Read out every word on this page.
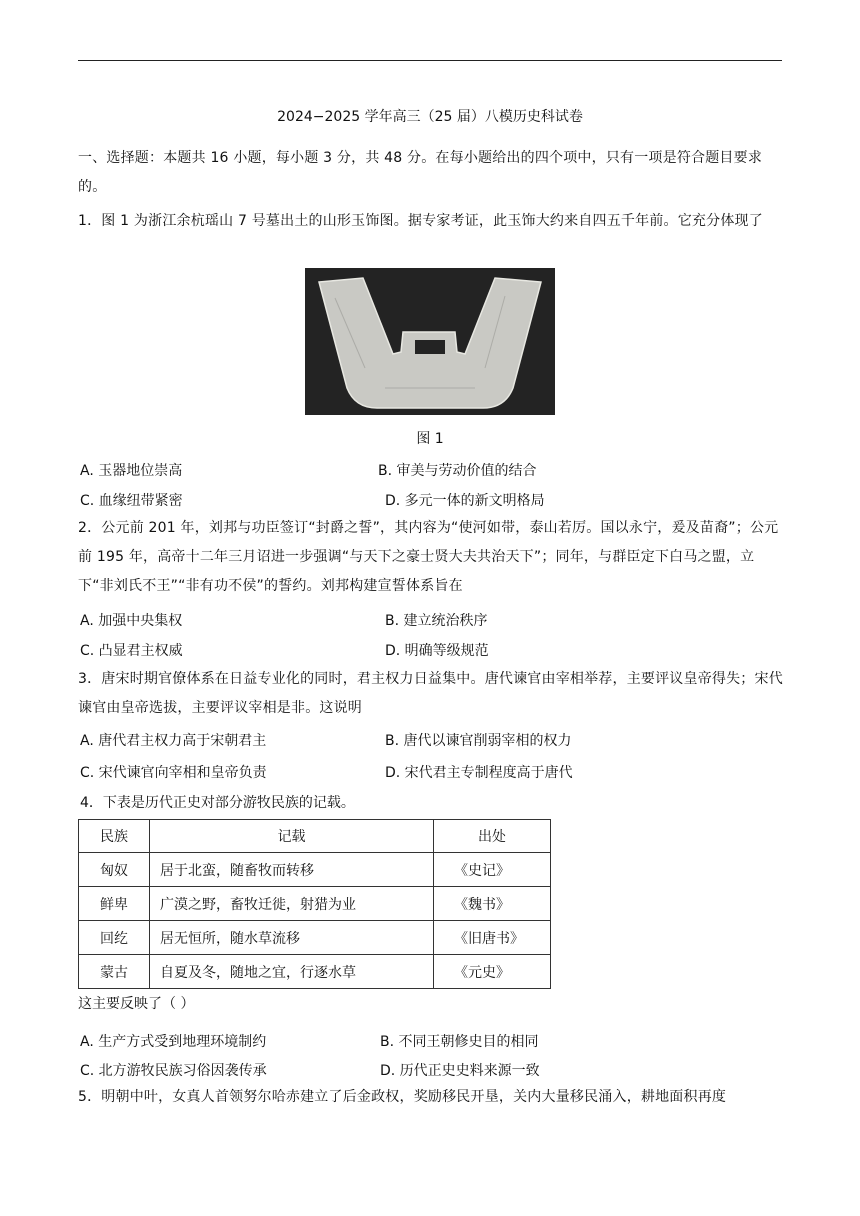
2024−2025 学年高三（25 届）八模历史科试卷
一、选择题：本题共 16 小题，每小题 3 分，共 48 分。在每小题给出的四个项中，只有一项是符合题目要求的。
1．图 1 为浙江余杭瑶山 7 号墓出土的山形玉饰图。据专家考证，此玉饰大约来自四五千年前。它充分体现了
图 1
A. 玉器地位崇高	B. 审美与劳动价值的结合
C. 血缘纽带紧密	D. 多元一体的新文明格局
2．公元前 201 年，刘邦与功臣签订“封爵之誓”，其内容为“使河如带，泰山若厉。国以永宁，爰及苗裔”；公元前 195 年，高帝十二年三月诏进一步强调“与天下之豪士贤大夫共治天下”；同年，与群臣定下白马之盟，立下“非刘氏不王”“非有功不侯”的誓约。刘邦构建宣誓体系旨在
A. 加强中央集权	B. 建立统治秩序
C. 凸显君主权威	D. 明确等级规范
3．唐宋时期官僚体系在日益专业化的同时，君主权力日益集中。唐代谏官由宰相举荐，主要评议皇帝得失；宋代谏官由皇帝选拔，主要评议宰相是非。这说明
A. 唐代君主权力高于宋朝君主	B. 唐代以谏官削弱宰相的权力
C. 宋代谏官向宰相和皇帝负责	D. 宋代君主专制程度高于唐代
4．下表是历代正史对部分游牧民族的记载。
民族	记载	出处
匈奴	居于北蛮，随畜牧而转移	《史记》
鲜卑	广漠之野，畜牧迁徙，射猎为业	《魏书》
回纥	居无恒所，随水草流移	《旧唐书》
蒙古	自夏及冬，随地之宜，行逐水草	《元史》
这主要反映了（ ）
A. 生产方式受到地理环境制约	B. 不同王朝修史目的相同
C. 北方游牧民族习俗因袭传承	D. 历代正史史料来源一致
5．明朝中叶，女真人首领努尔哈赤建立了后金政权，奖励移民开垦，关内大量移民涌入，耕地面积再度
